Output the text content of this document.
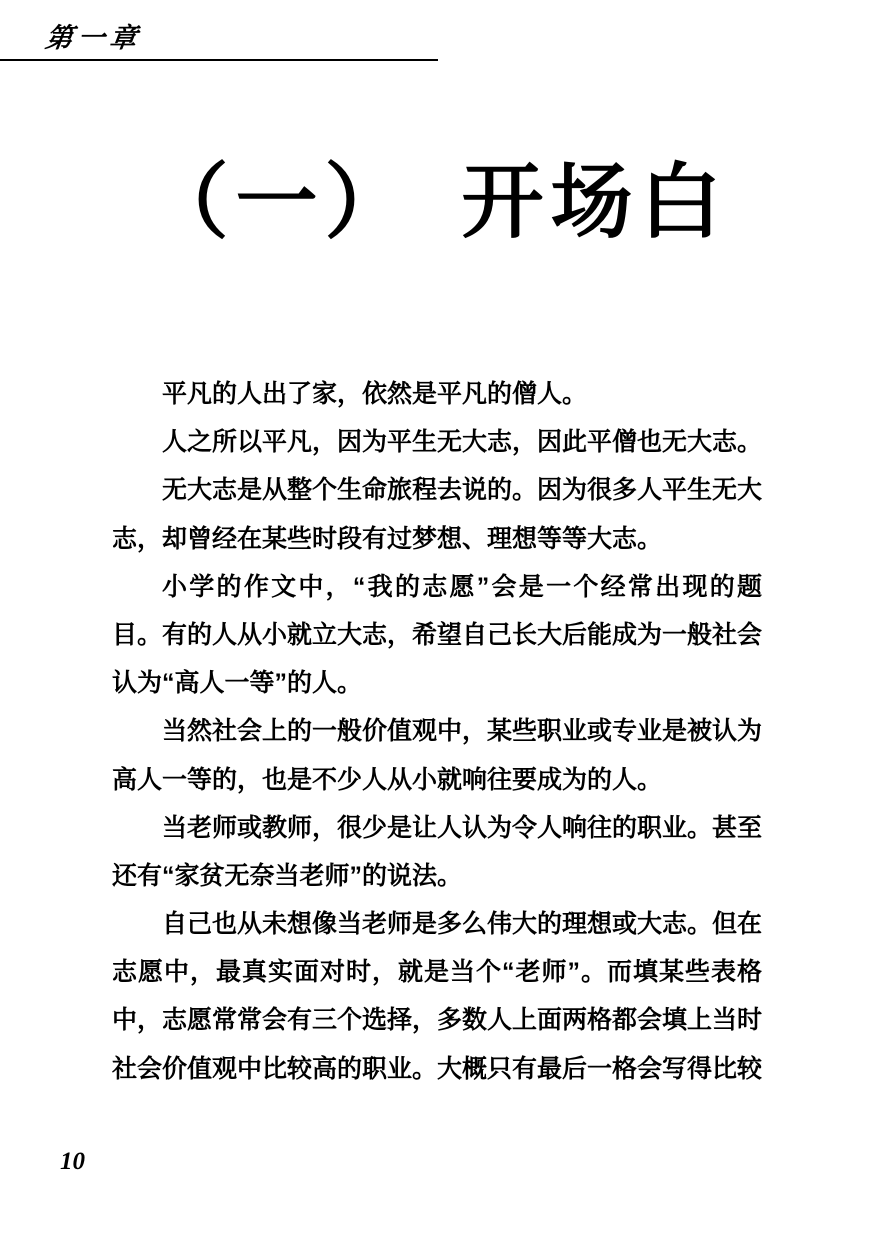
第一章
（一）　开场白
平凡的人出了家，依然是平凡的僧人。
人之所以平凡，因为平生无大志，因此平僧也无大志。
无大志是从整个生命旅程去说的。因为很多人平生无大
志，却曾经在某些时段有过梦想、理想等等大志。
小学的作文中，“我的志愿”会是一个经常出现的题
目。有的人从小就立大志，希望自己长大后能成为一般社会
认为“高人一等”的人。
当然社会上的一般价值观中，某些职业或专业是被认为
高人一等的，也是不少人从小就响往要成为的人。
当老师或教师，很少是让人认为令人响往的职业。甚至
还有“家贫无奈当老师”的说法。
自己也从未想像当老师是多么伟大的理想或大志。但在
志愿中，最真实面对时，就是当个“老师”。而填某些表格
中，志愿常常会有三个选择，多数人上面两格都会填上当时
社会价值观中比较高的职业。大概只有最后一格会写得比较
10
